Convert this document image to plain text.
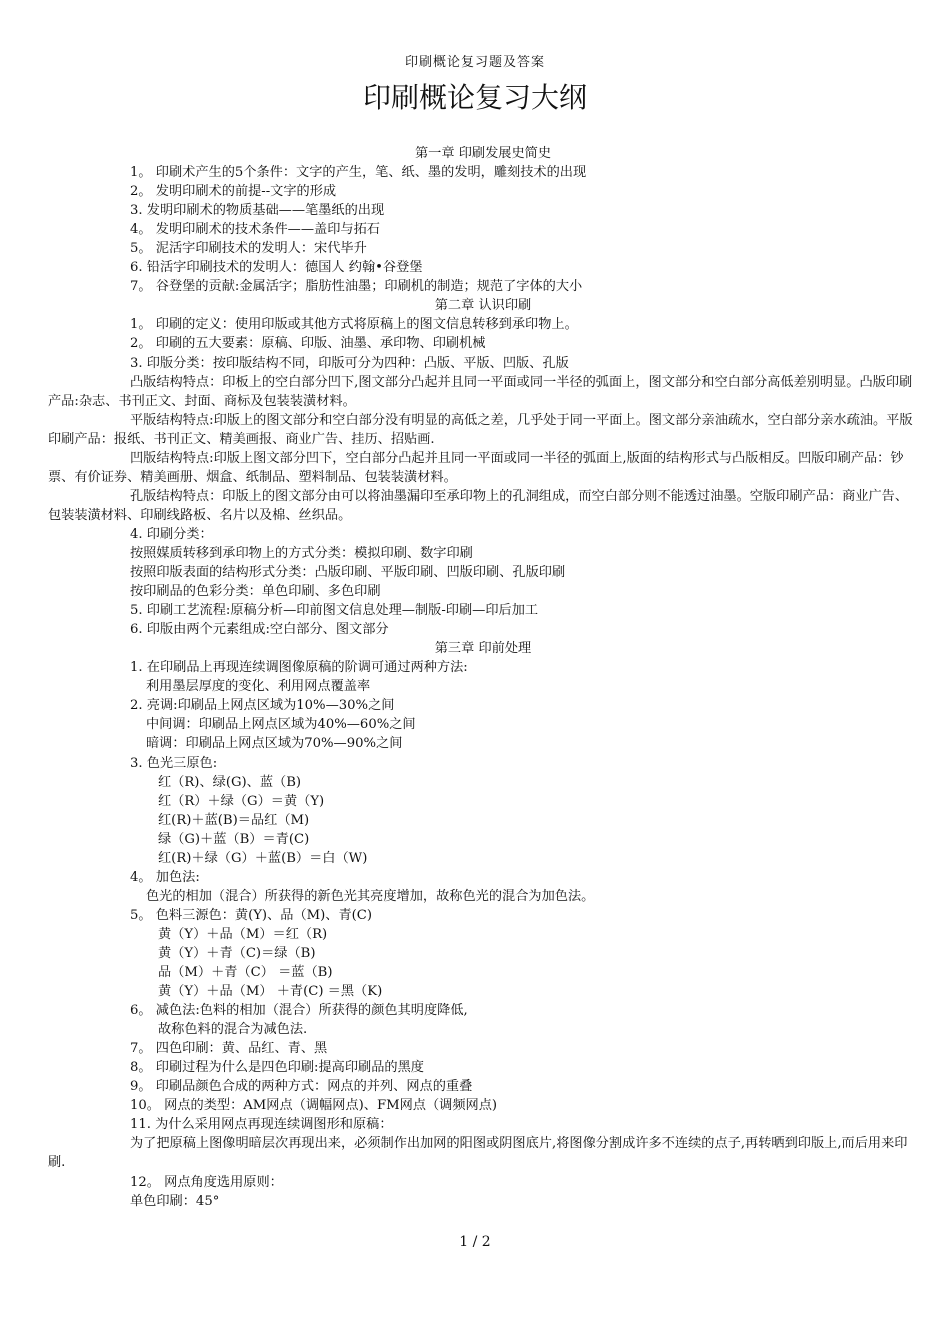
印刷概论复习题及答案
印刷概论复习大纲
第一章 印刷发展史简史
1。 印刷术产生的5个条件：文字的产生，笔、纸、墨的发明，雕刻技术的出现
2。 发明印刷术的前提--文字的形成
3. 发明印刷术的物质基础——笔墨纸的出现
4。 发明印刷术的技术条件——盖印与拓石
5。 泥活字印刷技术的发明人：宋代毕升
6. 铅活字印刷技术的发明人：德国人 约翰•谷登堡
7。 谷登堡的贡献:金属活字；脂肪性油墨；印刷机的制造；规范了字体的大小
第二章 认识印刷
1。 印刷的定义：使用印版或其他方式将原稿上的图文信息转移到承印物上。
2。 印刷的五大要素：原稿、印版、油墨、承印物、印刷机械
3. 印版分类：按印版结构不同，印版可分为四种：凸版、平版、凹版、孔版
凸版结构特点：印板上的空白部分凹下,图文部分凸起并且同一平面或同一半径的弧面上，图文部分和空白部分高低差别明显。凸版印刷产品:杂志、书刊正文、封面、商标及包装装潢材料。
平版结构特点:印版上的图文部分和空白部分没有明显的高低之差，几乎处于同一平面上。图文部分亲油疏水，空白部分亲水疏油。平版印刷产品：报纸、书刊正文、精美画报、商业广告、挂历、招贴画.
凹版结构特点:印版上图文部分凹下，空白部分凸起并且同一平面或同一半径的弧面上,版面的结构形式与凸版相反。凹版印刷产品：钞票、有价证券、精美画册、烟盒、纸制品、塑料制品、包装装潢材料。
孔版结构特点：印版上的图文部分由可以将油墨漏印至承印物上的孔洞组成，而空白部分则不能透过油墨。空版印刷产品：商业广告、包装装潢材料、印刷线路板、名片以及棉、丝织品。
4. 印刷分类：
按照媒质转移到承印物上的方式分类：模拟印刷、数字印刷
按照印版表面的结构形式分类：凸版印刷、平版印刷、凹版印刷、孔版印刷
按印刷品的色彩分类：单色印刷、多色印刷
5. 印刷工艺流程:原稿分析—印前图文信息处理—制版-印刷—印后加工
6. 印版由两个元素组成:空白部分、图文部分
第三章 印前处理
1. 在印刷品上再现连续调图像原稿的阶调可通过两种方法:
利用墨层厚度的变化、利用网点覆盖率
2. 亮调:印刷品上网点区域为10%—30%之间
中间调：印刷品上网点区域为40%—60%之间
暗调：印刷品上网点区域为70%—90%之间
3. 色光三原色:
红（R)、绿(G)、蓝（B)
红（R）＋绿（G）＝黄（Y)
红(R)＋蓝(B)＝品红（M)
绿（G)＋蓝（B）＝青(C)
红(R)＋绿（G）＋蓝(B）＝白（W)
4。 加色法:
色光的相加（混合）所获得的新色光其亮度增加，故称色光的混合为加色法。
5。 色料三源色：黄(Y)、品（M)、青(C)
黄（Y）＋品（M）＝红（R)
黄（Y）＋青（C)＝绿（B)
品（M）＋青（C） ＝蓝（B)
黄（Y）＋品（M） ＋青(C) ＝黑（K)
6。 减色法:色料的相加（混合）所获得的颜色其明度降低,
故称色料的混合为减色法.
7。 四色印刷：黄、品红、青、黑
8。 印刷过程为什么是四色印刷:提高印刷品的黑度
9。 印刷品颜色合成的两种方式：网点的并列、网点的重叠
10。 网点的类型：AM网点（调幅网点)、FM网点（调频网点)
11. 为什么采用网点再现连续调图形和原稿：
为了把原稿上图像明暗层次再现出来，必须制作出加网的阳图或阴图底片,将图像分割成许多不连续的点子,再转晒到印版上,而后用来印刷.
12。 网点角度选用原则：
单色印刷：45°
1 / 2
